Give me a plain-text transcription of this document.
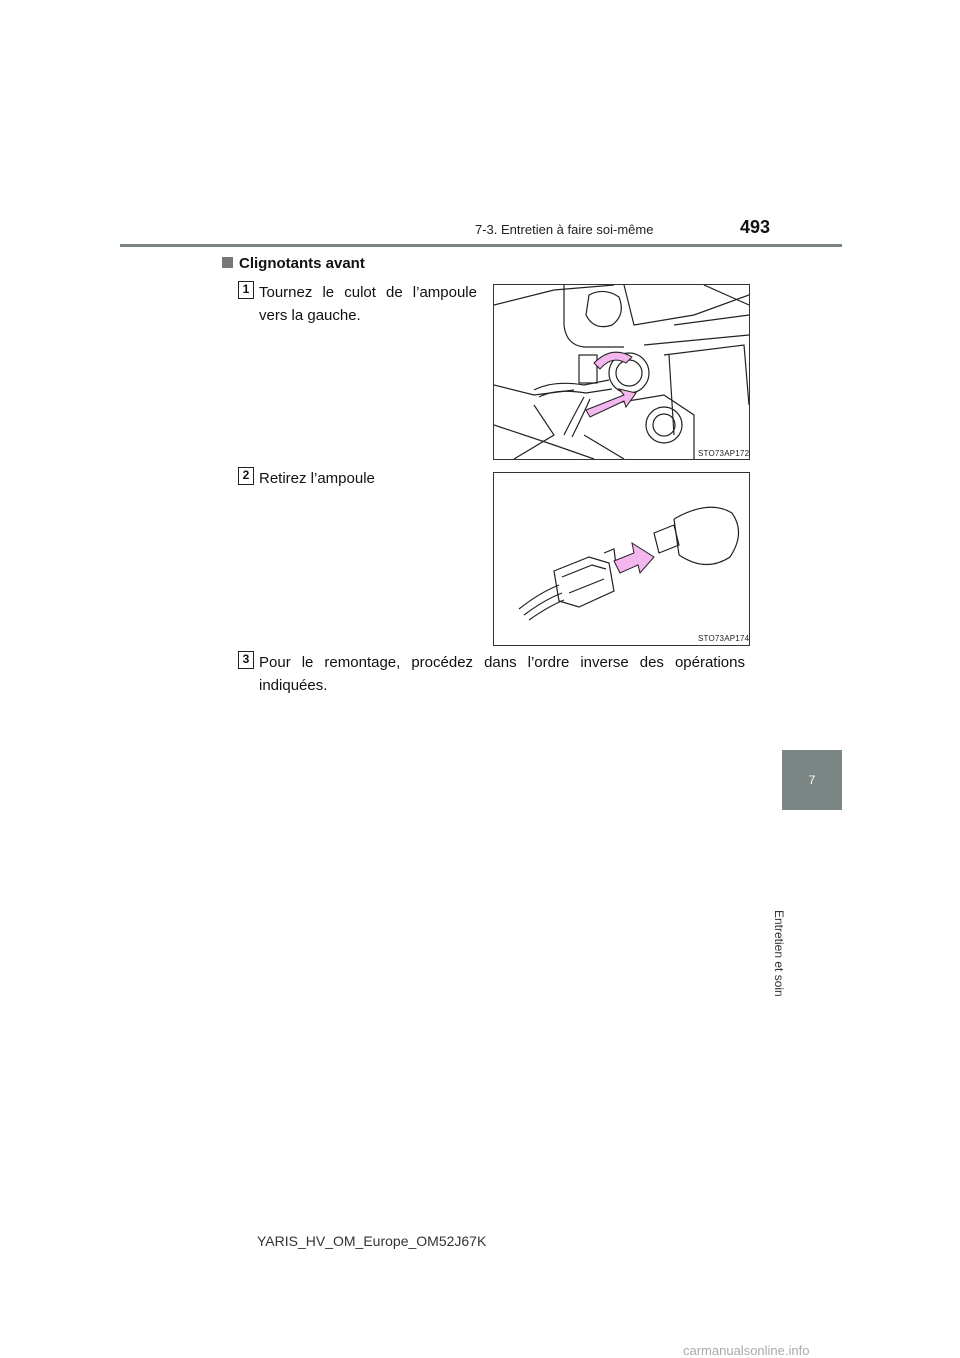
7-3. Entretien à faire soi-même	493
Clignotants avant
1 Tournez le culot de l’ampoule vers la gauche.
STO73AP172
2 Retirez l’ampoule
STO73AP174
3 Pour le remontage, procédez dans l’ordre inverse des opérations indiquées.
7
Entretien et soin
YARIS_HV_OM_Europe_OM52J67K
carmanualsonline.info
